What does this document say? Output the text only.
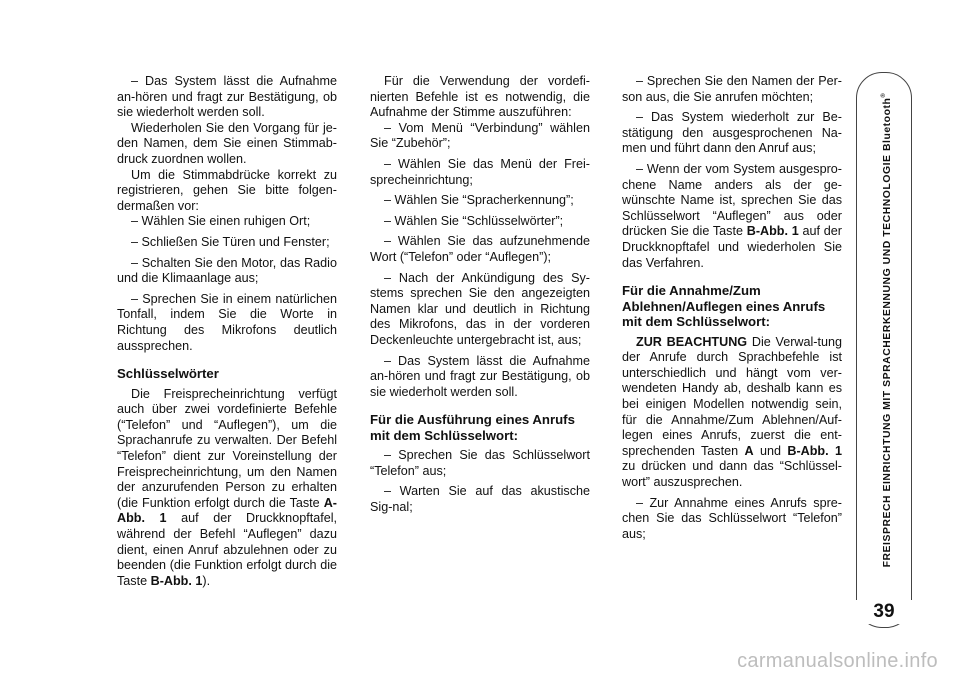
– Das System lässt die Aufnahme an-hören und fragt zur Bestätigung, ob sie wiederholt werden soll.

Wiederholen Sie den Vorgang für je-den Namen, dem Sie einen Stimmab-druck zuordnen wollen.

Um die Stimmabdrücke korrekt zu registrieren, gehen Sie bitte folgen-dermaßen vor:

– Wählen Sie einen ruhigen Ort;

– Schließen Sie Türen und Fenster;

– Schalten Sie den Motor, das Radio und die Klimaanlage aus;

– Sprechen Sie in einem natürlichen Tonfall, indem Sie die Worte in Richtung des Mikrofons deutlich aussprechen.

Schlüsselwörter

Die Freisprecheinrichtung verfügt auch über zwei vordefinierte Befehle (“Telefon” und “Auflegen”), um die Sprachanrufe zu verwalten. Der Befehl “Telefon” dient zur Voreinstellung der Freisprecheinrichtung, um den Namen der anzurufenden Person zu erhalten (die Funktion erfolgt durch die Taste A-Abb. 1 auf der Druckknopftafel, während der Befehl “Auflegen” dazu dient, einen Anruf abzulehnen oder zu beenden (die Funktion erfolgt durch die Taste B-Abb. 1).

Für die Verwendung der vordefi-nierten Befehle ist es notwendig, die Aufnahme der Stimme auszuführen:

– Vom Menü “Verbindung” wählen Sie “Zubehör”;

– Wählen Sie das Menü der Frei-sprecheinrichtung;

– Wählen Sie “Spracherkennung”;

– Wählen Sie “Schlüsselwörter”;

– Wählen Sie das aufzunehmende Wort (“Telefon” oder “Auflegen”);

– Nach der Ankündigung des Sy-stems sprechen Sie den angezeigten Namen klar und deutlich in Richtung des Mikrofons, das in der vorderen Deckenleuchte untergebracht ist, aus;

– Das System lässt die Aufnahme an-hören und fragt zur Bestätigung, ob sie wiederholt werden soll.

Für die Ausführung eines Anrufs mit dem Schlüsselwort:

– Sprechen Sie das Schlüsselwort “Telefon” aus;

– Warten Sie auf das akustische Sig-nal;

– Sprechen Sie den Namen der Per-son aus, die Sie anrufen möchten;

– Das System wiederholt zur Be-stätigung den ausgesprochenen Na-men und führt dann den Anruf aus;

– Wenn der vom System ausgespro-chene Name anders als der ge-wünschte Name ist, sprechen Sie das Schlüsselwort “Auflegen” aus oder drücken Sie die Taste B-Abb. 1 auf der Druckknopftafel und wiederholen Sie das Verfahren.

Für die Annahme/Zum Ablehnen/Auflegen eines Anrufs mit dem Schlüsselwort:

ZUR BEACHTUNG Die Verwal-tung der Anrufe durch Sprachbefehle ist unterschiedlich und hängt vom ver-wendeten Handy ab, deshalb kann es bei einigen Modellen notwendig sein, für die Annahme/Zum Ablehnen/Auf-legen eines Anrufs, zuerst die ent-sprechenden Tasten A und B-Abb. 1 zu drücken und dann das “Schlüssel-wort” auszusprechen.

– Zur Annahme eines Anrufs spre-chen Sie das Schlüsselwort “Telefon” aus;	FREISPRECH EINRICHTUNG MIT SPRACHERKENNUNG UND TECHNOLOGIE Bluetooth®
39
carmanualsonline.info
